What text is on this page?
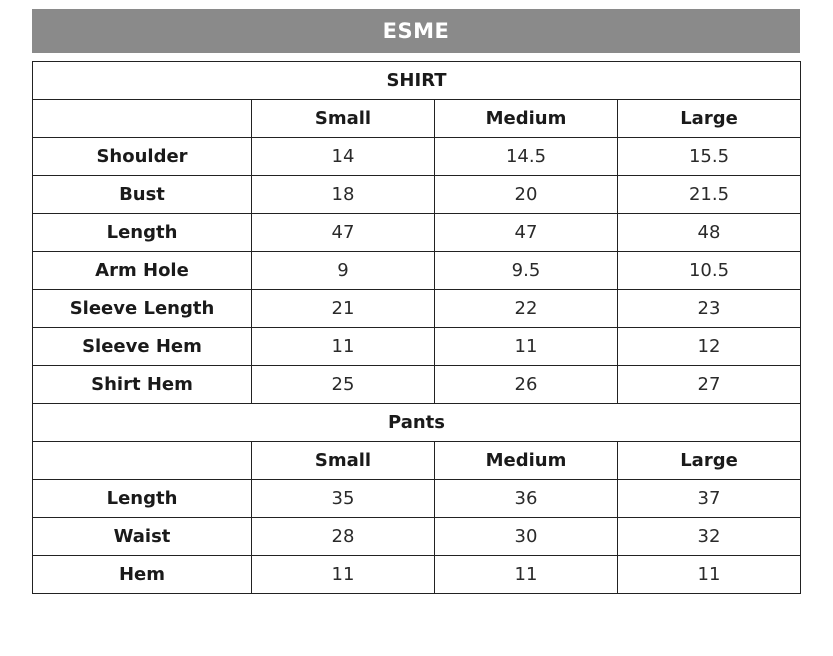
ESME
SHIRT			
	Small	Medium	Large
Shoulder	14	14.5	15.5
Bust	18	20	21.5
Length	47	47	48
Arm Hole	9	9.5	10.5
Sleeve Length	21	22	23
Sleeve Hem	11	11	12
Shirt Hem	25	26	27
Pants			
	Small	Medium	Large
Length	35	36	37
Waist	28	30	32
Hem	11	11	11
